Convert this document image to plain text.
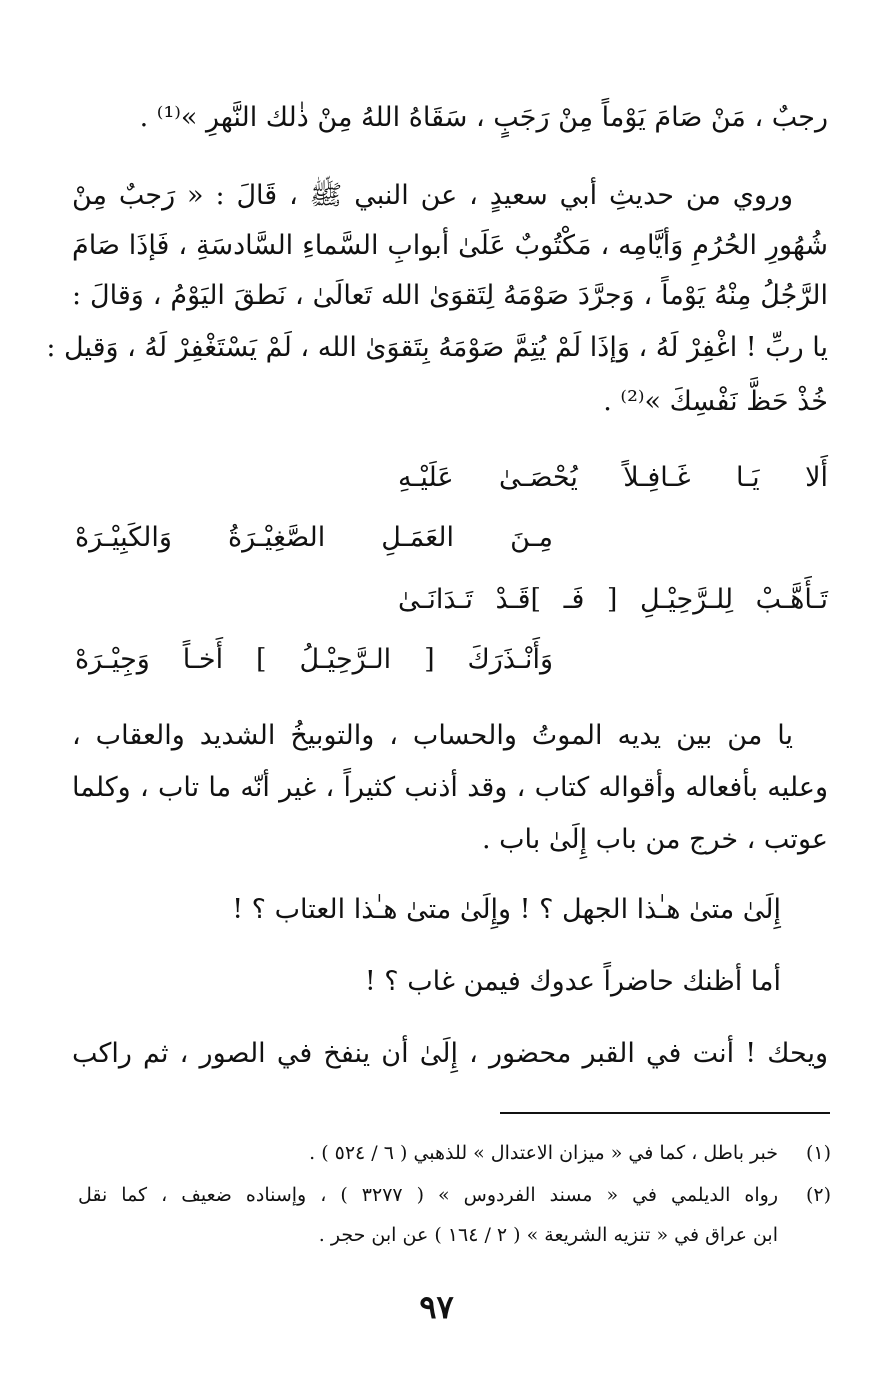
رجبٌ ، مَنْ صَامَ يَوْماً مِنْ رَجَبٍ ، سَقَاهُ اللهُ مِنْ ذٰلك النَّهرِ »⁽¹⁾ .
وروي من حديثِ أبي سعيدٍ ، عن النبي ﷺ ، قَالَ : « رَجبٌ مِنْ
شُهُورِ الحُرُمِ وَأيَّامِه ، مَكْتُوبٌ عَلَىٰ أبوابِ السَّماءِ السَّادسَةِ ، فَإذَا صَامَ
الرَّجُلُ مِنْهُ يَوْماً ، وَجرَّدَ صَوْمَهُ لِتَقوَىٰ الله تَعالَىٰ ، نَطقَ اليَوْمُ ، وَقالَ :
يا ربِّ ! اغْفِرْ لَهُ ، وَإذَا لَمْ يُتِمَّ صَوْمَهُ بِتَقوَىٰ الله ، لَمْ يَسْتَغْفِرْ لَهُ ، وَقيل :
خُذْ حَظَّ نَفْسِكَ »⁽²⁾ .
أَلا يَـا غَـافِـلاً يُحْصَـىٰ عَلَيْـهِ
مِـنَ العَمَـلِ الصَّغِيْـرَةُ وَالكَبِيْـرَهْ
تَـأَهَّـبْ لِلـرَّحِيْـلِ [ فَـ ]قَـدْ تَـدَانَـىٰ
وَأَنْـذَرَكَ [ الـرَّحِيْـلُ ] أَخـاً وَجِيْـرَهْ
يا من بين يديه الموتُ والحساب ، والتوبيخُ الشديد والعقاب ،
وعليه بأفعاله وأقواله كتاب ، وقد أذنب كثيراً ، غير أنّه ما تاب ، وكلما
عوتب ، خرج من باب إِلَىٰ باب .
إِلَىٰ متىٰ هـٰذا الجهل ؟ ! وإِلَىٰ متىٰ هـٰذا العتاب ؟ !
أما أظنك حاضراً عدوك فيمن غاب ؟ !
ويحك ! أنت في القبر محضور ، إِلَىٰ أن ينفخ في الصور ، ثم راكب
(١)
خبر باطل ، كما في « ميزان الاعتدال » للذهبي ( ٦ / ٥٢٤ ) .
(٢)
رواه الديلمي في « مسند الفردوس » ( ٣٢٧٧ ) ، وإسناده ضعيف ، كما نقل
ابن عراق في « تنزيه الشريعة » ( ٢ / ١٦٤ ) عن ابن حجر .
٩٧
